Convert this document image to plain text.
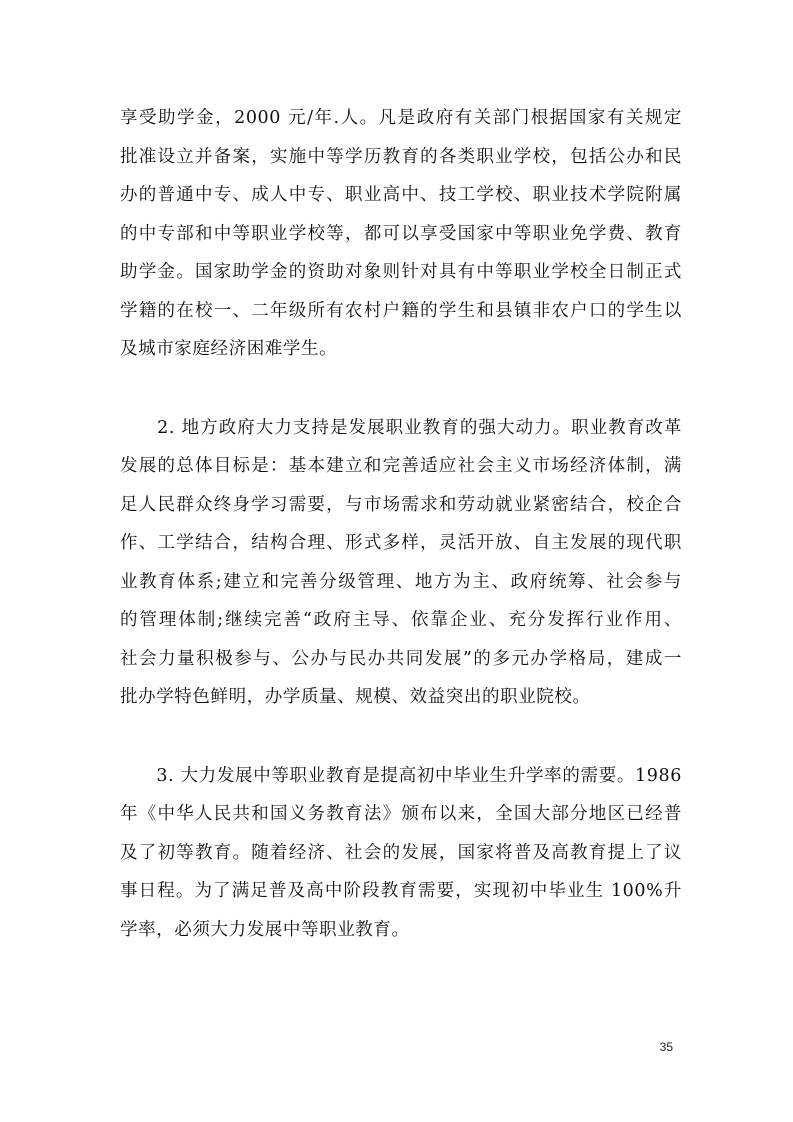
享受助学金，2000 元/年.人。凡是政府有关部门根据国家有关规定
批准设立并备案，实施中等学历教育的各类职业学校，包括公办和民
办的普通中专、成人中专、职业高中、技工学校、职业技术学院附属
的中专部和中等职业学校等，都可以享受国家中等职业免学费、教育
助学金。国家助学金的资助对象则针对具有中等职业学校全日制正式
学籍的在校一、二年级所有农村户籍的学生和县镇非农户口的学生以
及城市家庭经济困难学生。
　　2. 地方政府大力支持是发展职业教育的强大动力。职业教育改革
发展的总体目标是：基本建立和完善适应社会主义市场经济体制，满
足人民群众终身学习需要，与市场需求和劳动就业紧密结合，校企合
作、工学结合，结构合理、形式多样，灵活开放、自主发展的现代职
业教育体系;建立和完善分级管理、地方为主、政府统筹、社会参与
的管理体制;继续完善“政府主导、依靠企业、充分发挥行业作用、
社会力量积极参与、公办与民办共同发展”的多元办学格局，建成一
批办学特色鲜明，办学质量、规模、效益突出的职业院校。
　　3. 大力发展中等职业教育是提高初中毕业生升学率的需要。1986
年《中华人民共和国义务教育法》颁布以来，全国大部分地区已经普
及了初等教育。随着经济、社会的发展，国家将普及高教育提上了议
事日程。为了满足普及高中阶段教育需要，实现初中毕业生 100%升
学率，必须大力发展中等职业教育。
35
